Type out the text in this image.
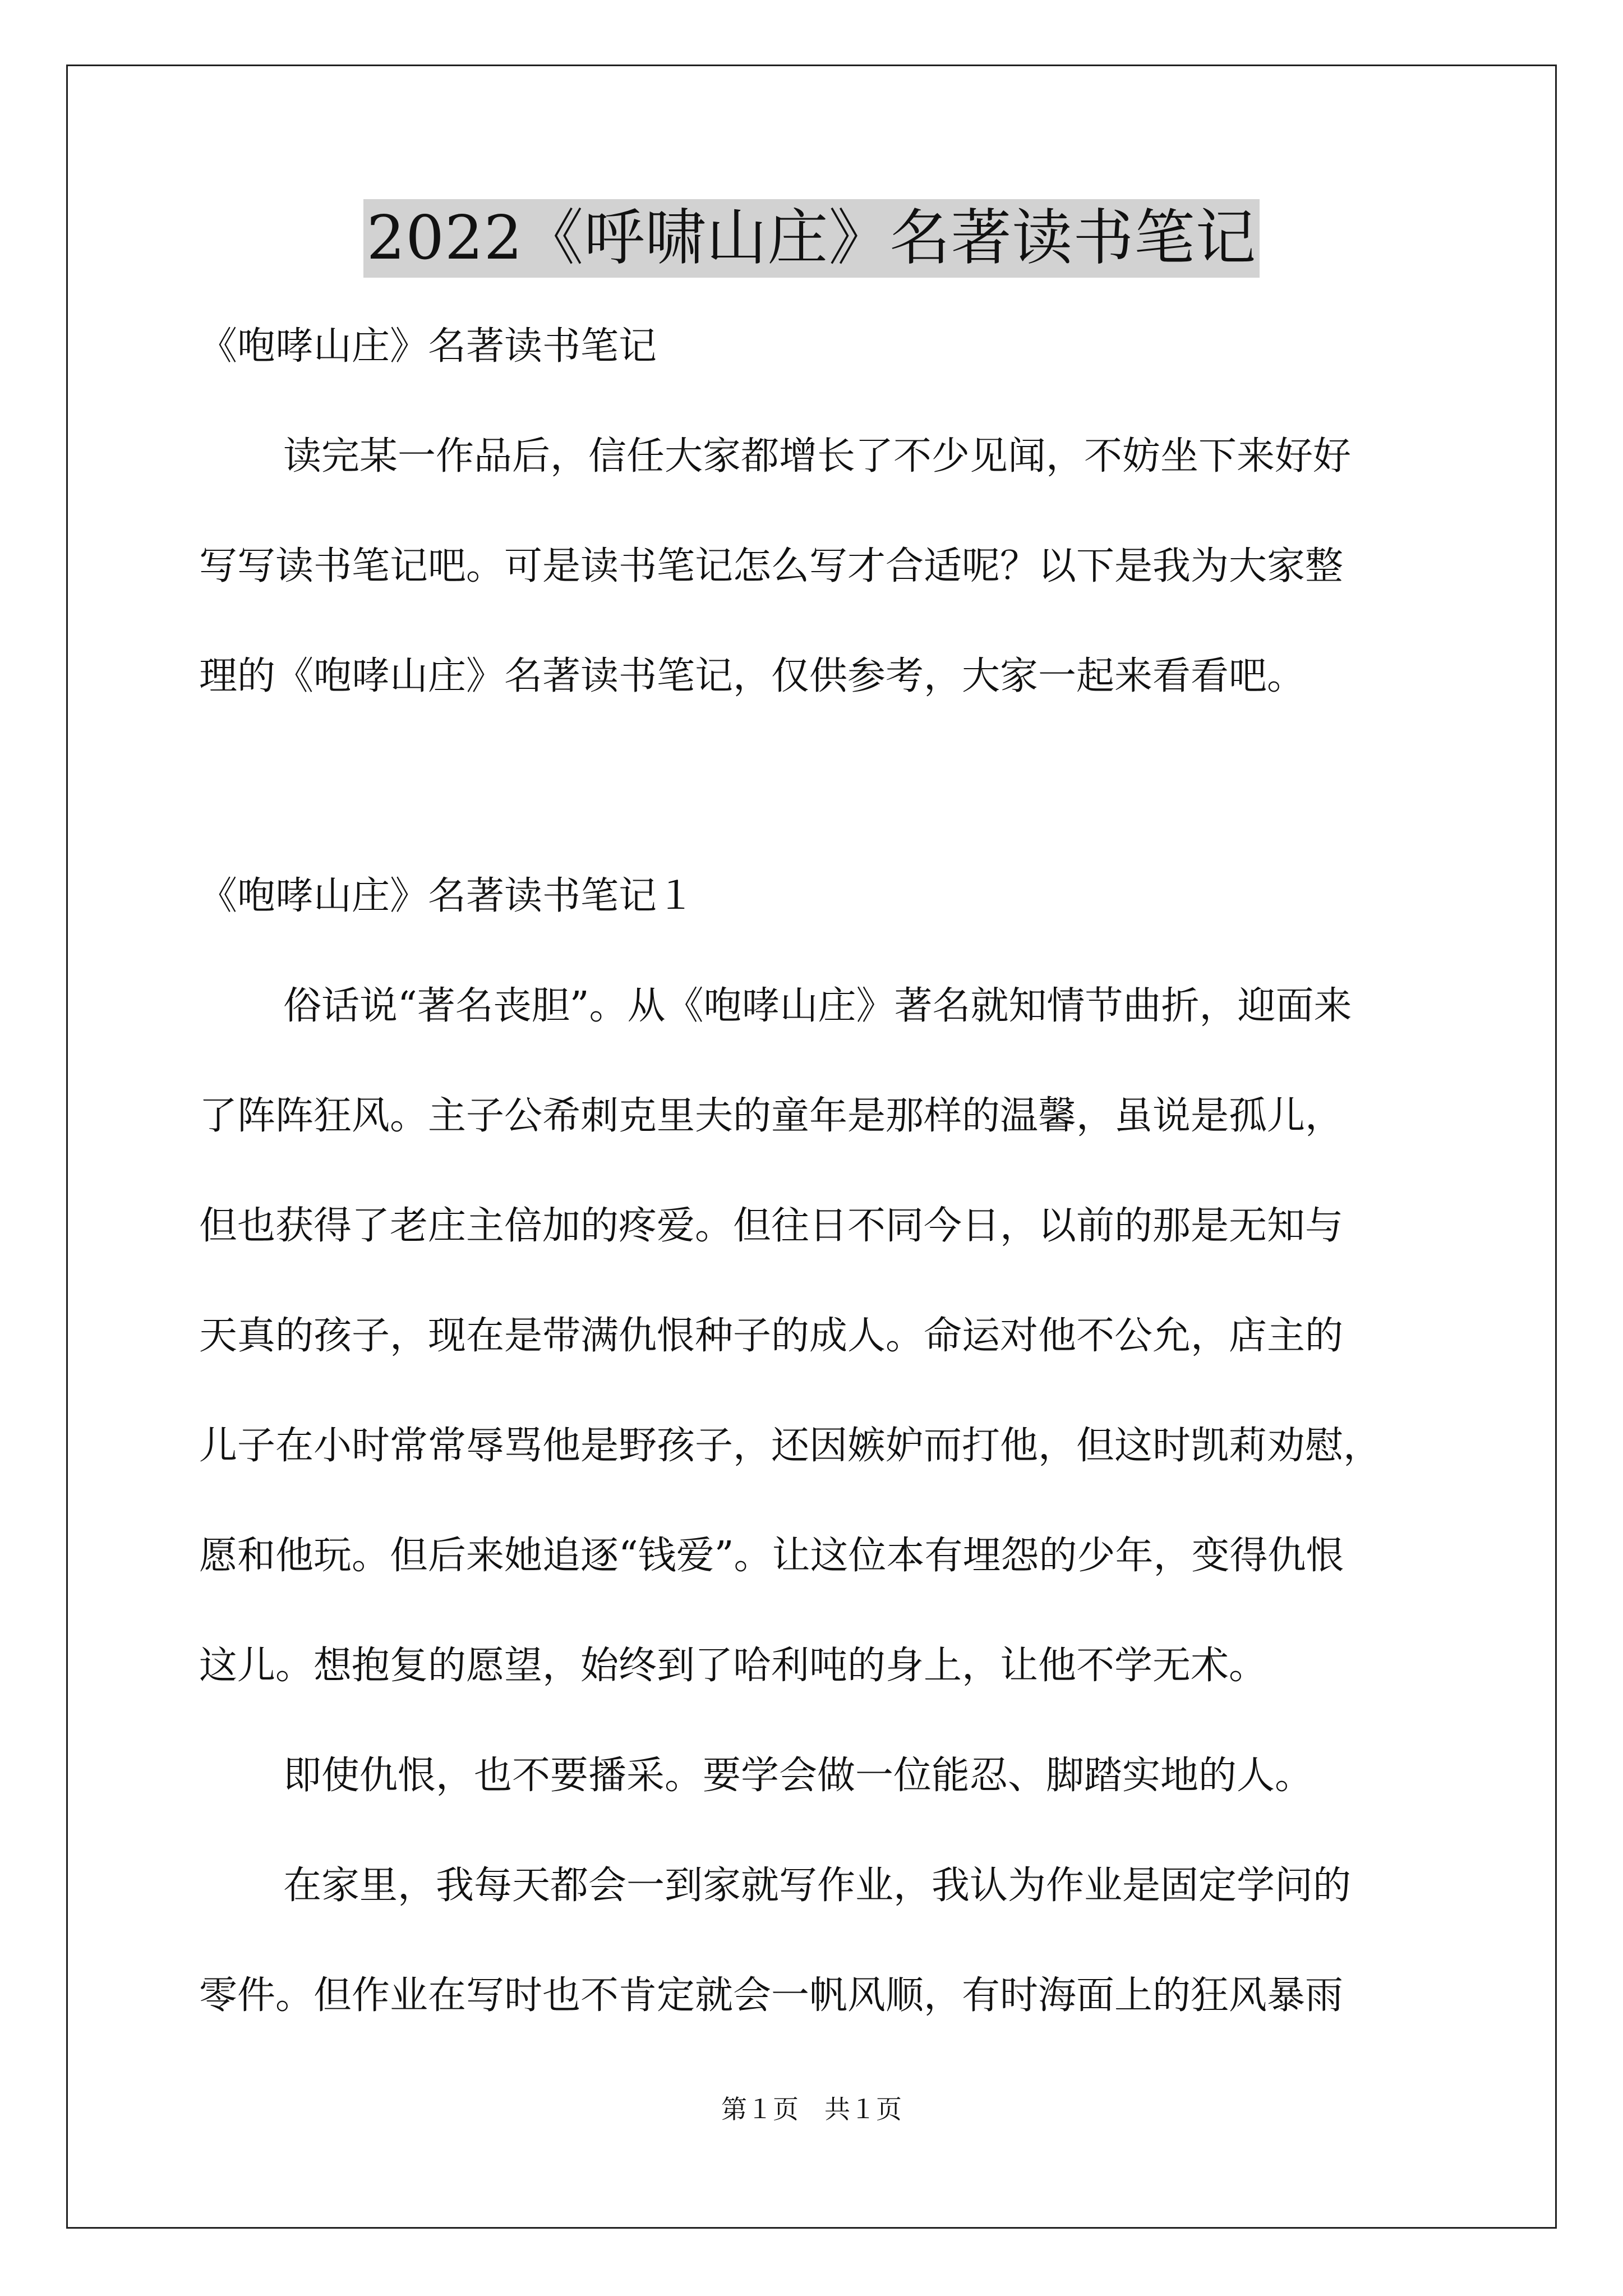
2022《呼啸山庄》名著读书笔记
《咆哮山庄》名著读书笔记
读完某一作品后，信任大家都增长了不少见闻，不妨坐下来好好
写写读书笔记吧。可是读书笔记怎么写才合适呢？以下是我为大家整
理的《咆哮山庄》名著读书笔记，仅供参考，大家一起来看看吧。
《咆哮山庄》名著读书笔记１
俗话说“著名丧胆”。从《咆哮山庄》著名就知情节曲折，迎面来
了阵阵狂风。主子公希刺克里夫的童年是那样的温馨，虽说是孤儿，
但也获得了老庄主倍加的疼爱。但往日不同今日，以前的那是无知与
天真的孩子，现在是带满仇恨种子的成人。命运对他不公允，店主的
儿子在小时常常辱骂他是野孩子，还因嫉妒而打他，但这时凯莉劝慰，
愿和他玩。但后来她追逐“钱爱”。让这位本有埋怨的少年，变得仇恨
这儿。想抱复的愿望，始终到了哈利吨的身上，让他不学无术。
即使仇恨，也不要播采。要学会做一位能忍、脚踏实地的人。
在家里，我每天都会一到家就写作业，我认为作业是固定学问的
零件。但作业在写时也不肯定就会一帆风顺，有时海面上的狂风暴雨
第１页　共１页
